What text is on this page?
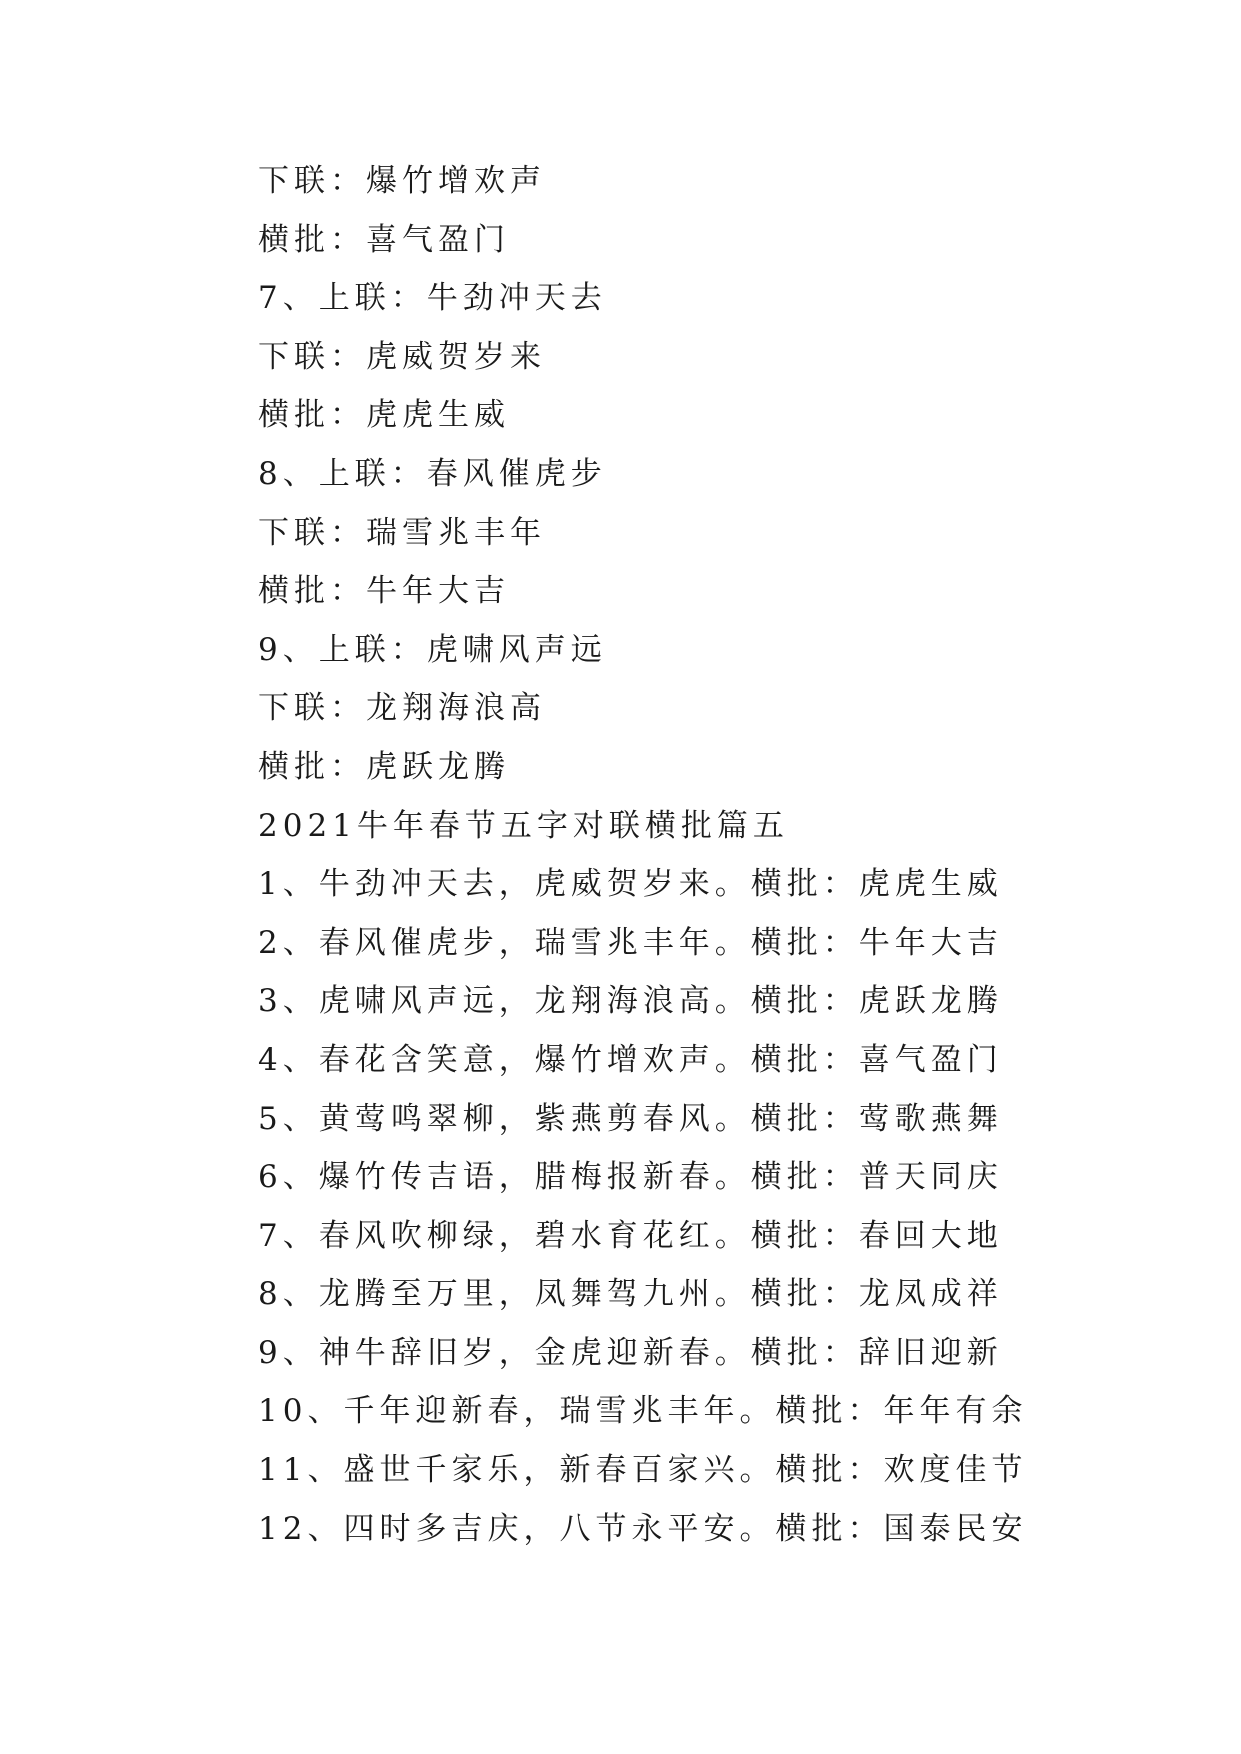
下联：爆竹增欢声
横批：喜气盈门
7、上联：牛劲冲天去
下联：虎威贺岁来
横批：虎虎生威
8、上联：春风催虎步
下联：瑞雪兆丰年
横批：牛年大吉
9、上联：虎啸风声远
下联：龙翔海浪高
横批：虎跃龙腾
2021牛年春节五字对联横批篇五
1、牛劲冲天去，虎威贺岁来。横批：虎虎生威
2、春风催虎步，瑞雪兆丰年。横批：牛年大吉
3、虎啸风声远，龙翔海浪高。横批：虎跃龙腾
4、春花含笑意，爆竹增欢声。横批：喜气盈门
5、黄莺鸣翠柳，紫燕剪春风。横批：莺歌燕舞
6、爆竹传吉语，腊梅报新春。横批：普天同庆
7、春风吹柳绿，碧水育花红。横批：春回大地
8、龙腾至万里，凤舞驾九州。横批：龙凤成祥
9、神牛辞旧岁，金虎迎新春。横批：辞旧迎新
10、千年迎新春，瑞雪兆丰年。横批：年年有余
11、盛世千家乐，新春百家兴。横批：欢度佳节
12、四时多吉庆，八节永平安。横批：国泰民安
